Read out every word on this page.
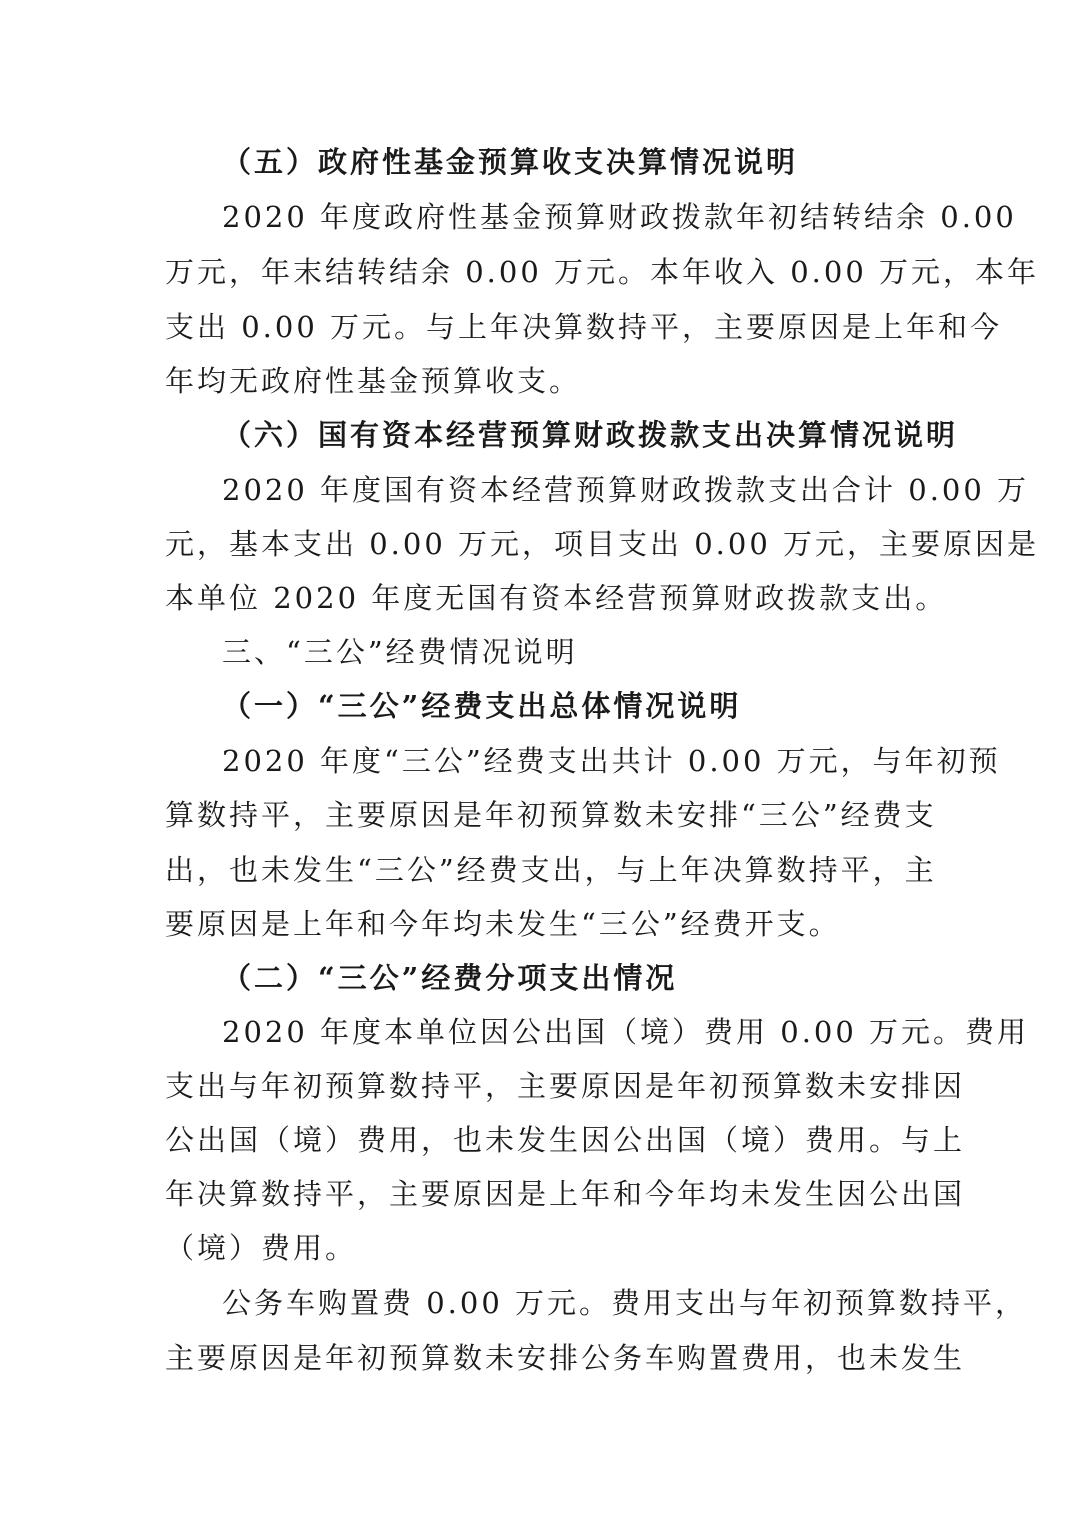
（五）政府性基金预算收支决算情况说明
2020 年度政府性基金预算财政拨款年初结转结余 0.00
万元，年末结转结余 0.00 万元。本年收入 0.00 万元，本年
支出 0.00 万元。与上年决算数持平，主要原因是上年和今
年均无政府性基金预算收支。
（六）国有资本经营预算财政拨款支出决算情况说明
2020 年度国有资本经营预算财政拨款支出合计 0.00 万
元，基本支出 0.00 万元，项目支出 0.00 万元，主要原因是
本单位 2020 年度无国有资本经营预算财政拨款支出。
三、“三公”经费情况说明
（一）“三公”经费支出总体情况说明
2020 年度“三公”经费支出共计 0.00 万元，与年初预
算数持平，主要原因是年初预算数未安排“三公”经费支
出，也未发生“三公”经费支出，与上年决算数持平，主
要原因是上年和今年均未发生“三公”经费开支。
（二）“三公”经费分项支出情况
2020 年度本单位因公出国（境）费用 0.00 万元。费用
支出与年初预算数持平，主要原因是年初预算数未安排因
公出国（境）费用，也未发生因公出国（境）费用。与上
年决算数持平，主要原因是上年和今年均未发生因公出国
（境）费用。
公务车购置费 0.00 万元。费用支出与年初预算数持平，
主要原因是年初预算数未安排公务车购置费用，也未发生
